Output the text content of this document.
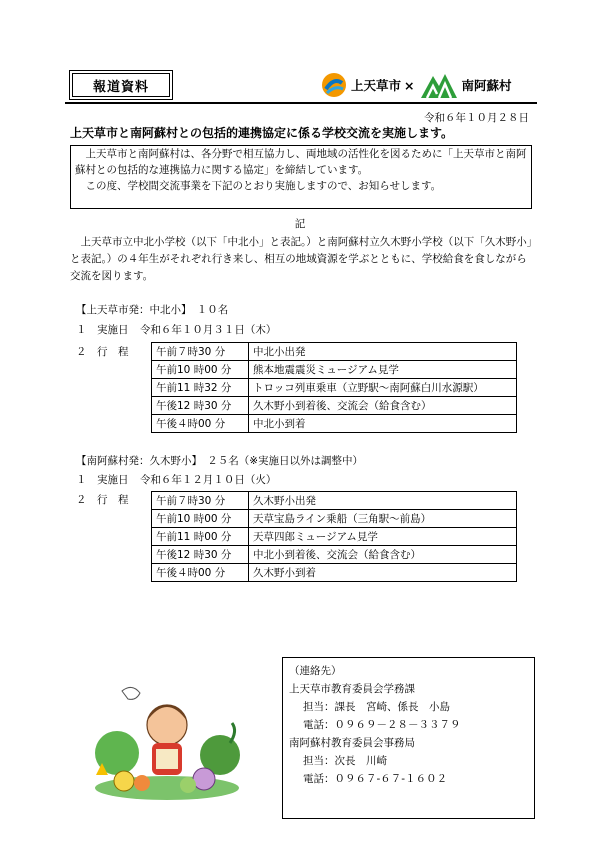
報道資料	上天草市 ×	南阿蘇村
令和６年１０月２８日
上天草市と南阿蘇村との包括的連携協定に係る学校交流を実施します。

上天草市と南阿蘇村は、各分野で相互協力し、両地域の活性化を図るために「上天草市と南阿蘇村との包括的な連携協力に関する協定」を締結しています。

この度、学校間交流事業を下記のとおり実施しますので、お知らせします。

記

上天草市立中北小学校（以下「中北小」と表記。）と南阿蘇村立久木野小学校（以下「久木野小」と表記。）の４年生がそれぞれ行き来し、相互の地域資源を学ぶとともに、学校給食を食しながら交流を図ります。

【上天草市発：中北小】　１０名
１　実施日 令和６年１０月３１日（木）
２　行　程	午前７時30 分	中北小出発
午前10 時00 分	熊本地震震災ミュージアム見学
午前11 時32 分	トロッコ列車乗車（立野駅～南阿蘇白川水源駅）
午後12 時30 分	久木野小到着後、交流会（給食含む）
午後４時00 分	中北小到着
【南阿蘇村発：久木野小】　２５名（※実施日以外は調整中）
１　実施日 令和６年１２月１０日（火）
２　行　程	午前７時30 分	久木野小出発
午前10 時00 分	天草宝島ライン乗船（三角駅～前島）
午前11 時00 分	天草四郎ミュージアム見学
午後12 時30 分	中北小到着後、交流会（給食含む）
午後４時00 分	久木野小到着
（連絡先）
上天草市教育委員会学務課
担当：課長　宮崎、係長　小島
電話：０９６９－２８－３３７９
南阿蘇村教育委員会事務局
担当：次長　川崎
電話：０９６７-６７-１６０２
